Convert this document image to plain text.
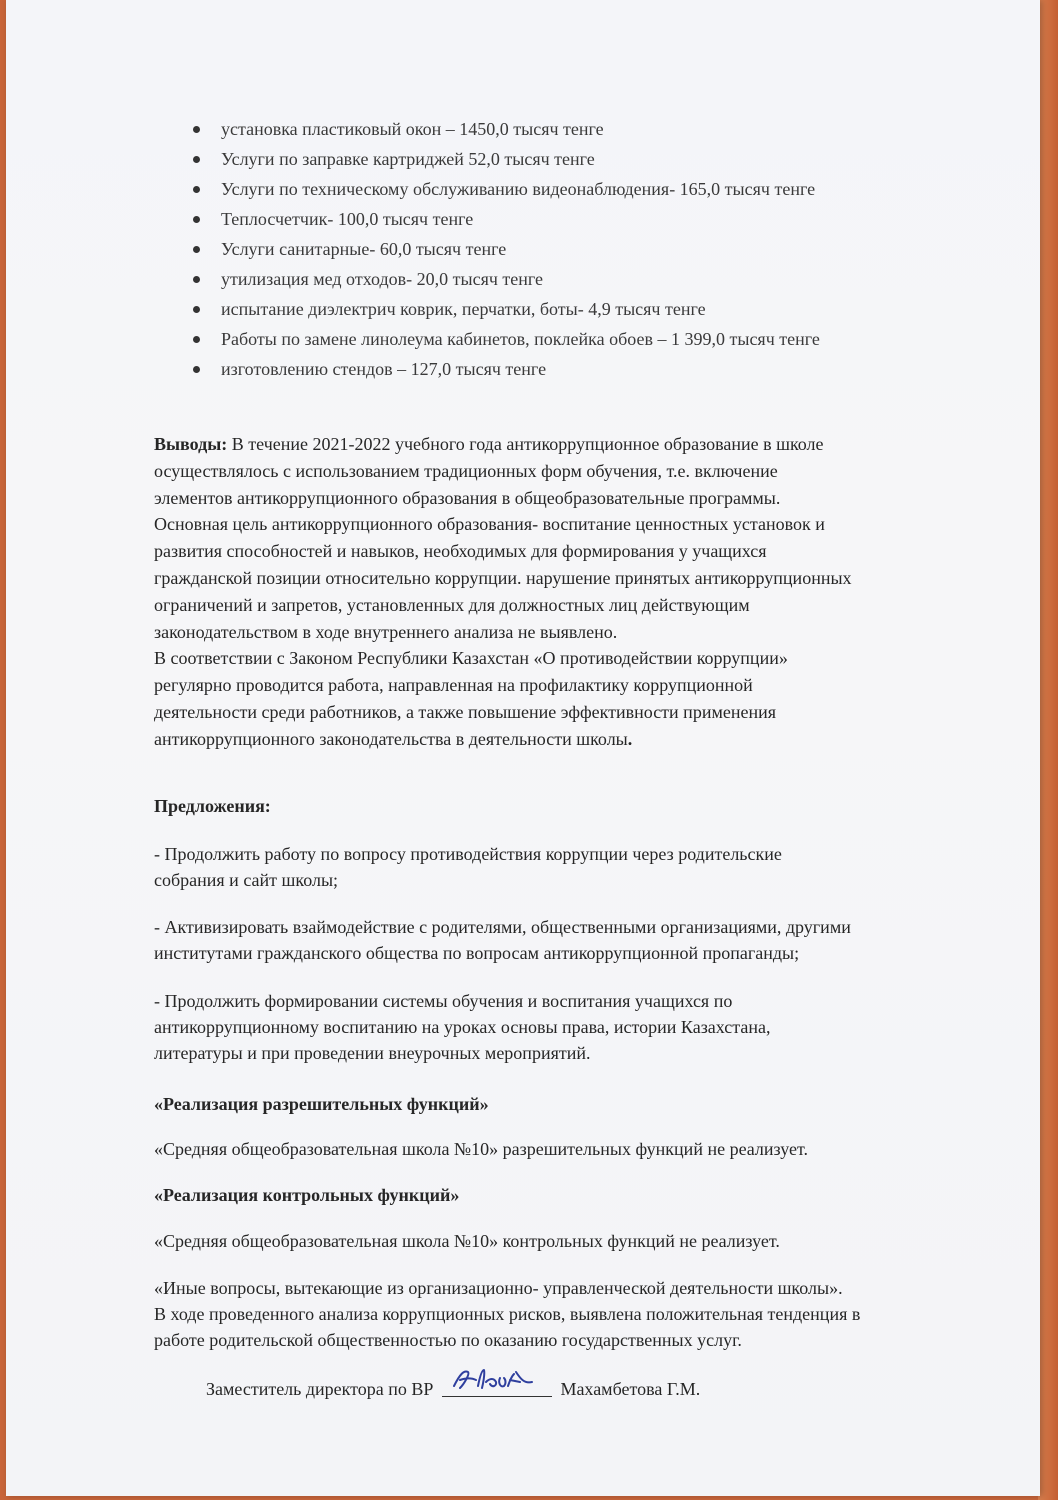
установка пластиковый окон – 1450,0 тысяч тенге
Услуги по заправке картриджей 52,0 тысяч тенге
Услуги по техническому обслуживанию видеонаблюдения- 165,0 тысяч тенге
Теплосчетчик- 100,0 тысяч тенге
Услуги санитарные- 60,0 тысяч тенге
утилизация мед отходов- 20,0 тысяч тенге
испытание диэлектрич коврик, перчатки, боты- 4,9 тысяч тенге
Работы по замене линолеума кабинетов, поклейка обоев – 1 399,0 тысяч тенге
изготовлению стендов – 127,0 тысяч тенге
Выводы: В течение 2021-2022 учебного года антикоррупционное образование в школе
осуществлялось с использованием традиционных форм обучения, т.е. включение
элементов антикоррупционного образования в общеобразовательные программы.
Основная цель антикоррупционного образования- воспитание ценностных установок и
развития способностей и навыков, необходимых для формирования у учащихся
гражданской позиции относительно коррупции. нарушение принятых антикоррупционных
ограничений и запретов, установленных для должностных лиц действующим
законодательством в ходе внутреннего анализа не выявлено.
В соответствии с Законом Республики Казахстан «О противодействии коррупции»
регулярно проводится работа, направленная на профилактику коррупционной
деятельности среди работников, а также повышение эффективности применения
антикоррупционного законодательства в деятельности школы.
Предложения:
- Продолжить работу по вопросу противодействия коррупции через родительские
собрания и сайт школы;
- Активизировать взаймодействие с родителями, общественными организациями, другими
институтами гражданского общества по вопросам антикоррупционной пропаганды;
- Продолжить формировании системы обучения и воспитания учащихся по
антикоррупционному воспитанию на уроках основы права, истории Казахстана,
литературы и при проведении внеурочных мероприятий.
«Реализация разрешительных функций»
«Средняя общеобразовательная школа №10» разрешительных функций не реализует.
«Реализация контрольных функций»
«Средняя общеобразовательная школа №10» контрольных функций не реализует.
«Иные вопросы, вытекающие из организационно- управленческой деятельности школы».
В ходе проведенного анализа коррупционных рисков, выявлена положительная тенденция в
работе родительской общественностью по оказанию государственных услуг.
Заместитель директора по ВР	Махамбетова Г.М.
